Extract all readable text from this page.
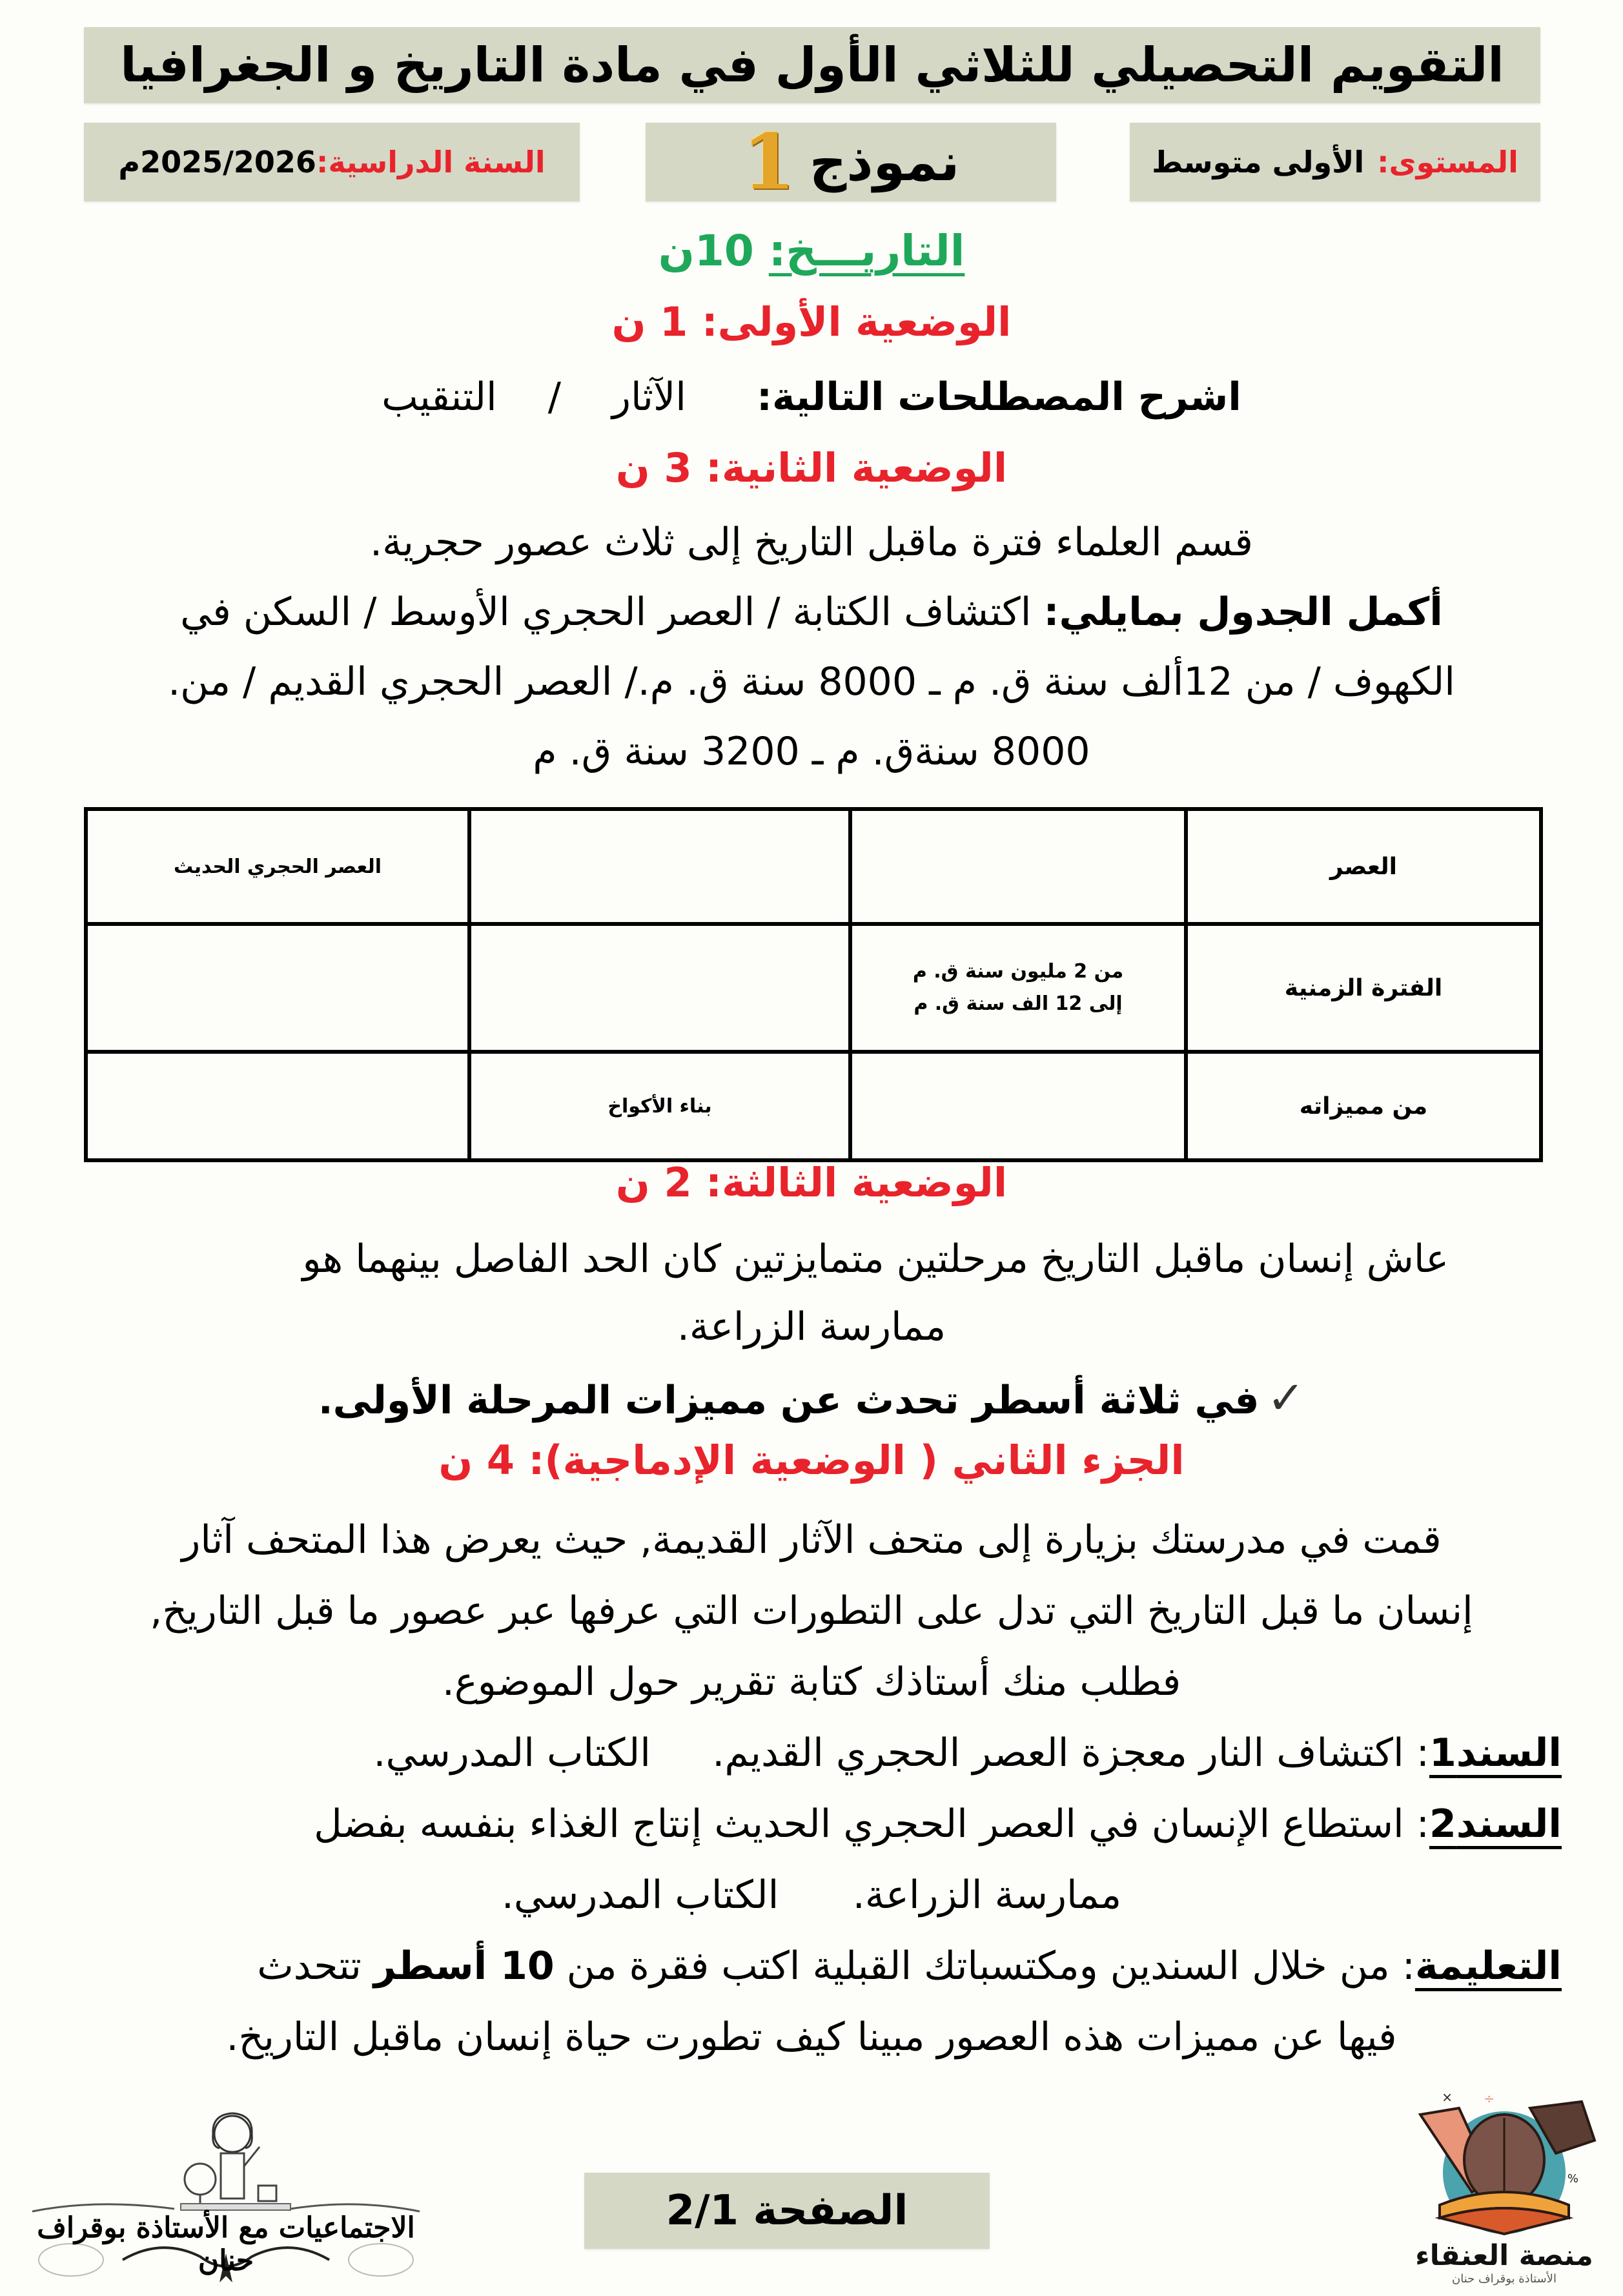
التقويم التحصيلي للثلاثي الأول في مادة التاريخ و الجغرافيا
المستوى:
الأولى متوسط
نموذج
1
السنة الدراسية:
2025/2026م
التاريـــخ: 10ن
الوضعية الأولى: 1 ن
اشرح المصطلحات التالية: الآثار / التنقيب
الوضعية الثانية: 3 ن
قسم العلماء فترة ماقبل التاريخ إلى ثلاث عصور حجرية.
أكمل الجدول بمايلي: اكتشاف الكتابة / العصر الحجري الأوسط / السكن في
الكهوف / من 12ألف سنة ق. م ـ 8000 سنة ق. م./ العصر الحجري القديم / من.
8000 سنةق. م ـ 3200 سنة ق. م
العصر			العصر الحجري الحديث
الفترة الزمنية	من 2 مليون سنة ق. م
إلى 12 الف سنة ق. م		
من مميزاته		بناء الأكواخ	
الوضعية الثالثة: 2 ن
عاش إنسان ماقبل التاريخ مرحلتين متمايزتين كان الحد الفاصل بينهما هو
ممارسة الزراعة.
✓في ثلاثة أسطر تحدث عن مميزات المرحلة الأولى.
الجزء الثاني ( الوضعية الإدماجية): 4 ن
قمت في مدرستك بزيارة إلى متحف الآثار القديمة, حيث يعرض هذا المتحف آثار
إنسان ما قبل التاريخ التي تدل على التطورات التي عرفها عبر عصور ما قبل التاريخ,
فطلب منك أستاذك كتابة تقرير حول الموضوع.
السند1: اكتشاف النار معجزة العصر الحجري القديم.     الكتاب المدرسي.
السند2: استطاع الإنسان في العصر الحجري الحديث إنتاج الغذاء بنفسه بفضل
ممارسة الزراعة.      الكتاب المدرسي.
التعليمة: من خلال السندين ومكتسباتك القبلية اكتب فقرة من 10 أسطر تتحدث
فيها عن مميزات هذه العصور مبينا كيف تطورت حياة إنسان ماقبل التاريخ.
الاجتماعيات مع الأستاذة بوقراف حنان
الصفحة 2/1
× ÷
%
منصة العنقاء
الأستاذة بوقراف حنان
